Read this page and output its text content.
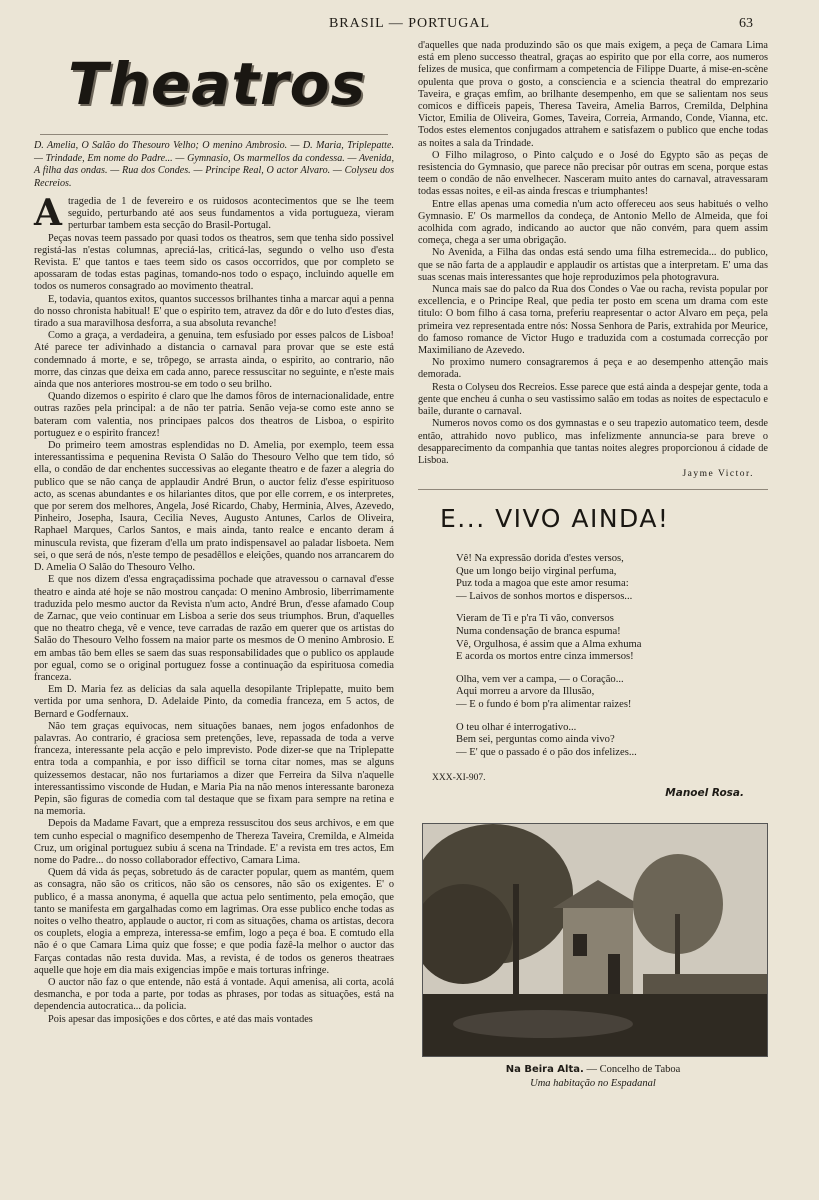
BRASIL — PORTUGAL	63
Theatros
D. Amelia, O Salão do Thesouro Velho; O menino Ambrosio. — D. Maria, Triplepatte. — Trindade, Em nome do Padre... — Gymnasio, Os marmellos da condessa. — Avenida, A filha das ondas. — Rua dos Condes. — Principe Real, O actor Alvaro. — Colyseu dos Recreios.

A tragedia de 1 de fevereiro e os ruidosos acontecimentos que se lhe teem seguido, perturbando até aos seus fundamentos a vida portugueza, vieram perturbar tambem esta secção do Brasil-Portugal.

Peças novas teem passado por quasi todos os theatros, sem que tenha sido possivel registá-las n'estas columnas, apreciá-las, criticá-las, segundo o velho uso d'esta Revista. E' que tantos e taes teem sido os casos occorridos, que por completo se apossaram de todas estas paginas, tomando-nos todo o espaço, incluindo aquelle em todos os numeros consagrado ao movimento theatral.

E, todavia, quantos exitos, quantos successos brilhantes tinha a marcar aqui a penna do nosso chronista habitual! E' que o espirito tem, atravez da dôr e do luto d'estes dias, tirado a sua maravilhosa desforra, a sua absoluta revanche!

Como a graça, a verdadeira, a genuina, tem esfusiado por esses palcos de Lisboa! Até parece ter adivinhado a distancia o carnaval para provar que se este está condemnado á morte, e se, trôpego, se arrasta ainda, o espirito, ao contrario, não morre, das cinzas que deixa em cada anno, parece ressuscitar no seguinte, e n'este mais ainda que nos anteriores mostrou-se em todo o seu brilho.

Quando dizemos o espirito é claro que lhe damos fôros de internacionalidade, entre outras razões pela principal: a de não ter patria. Senão veja-se como este anno se bateram com valentia, nos principaes palcos dos theatros de Lisboa, o espirito portuguez e o espirito francez!

Do primeiro teem amostras esplendidas no D. Amelia, por exemplo, teem essa interessantissima e pequenina Revista O Salão do Thesouro Velho que tem tido, só ella, o condão de dar enchentes successivas ao elegante theatro e de fazer a alegria do publico que se não cança de applaudir André Brun, o auctor feliz d'esse espirituoso acto, as scenas abundantes e os hilariantes ditos, que por elle correm, e os interpretes, que por serem dos melhores, Angela, José Ricardo, Chaby, Herminia, Alves, Azevedo, Pinheiro, Josepha, Isaura, Cecilia Neves, Augusto Antunes, Carlos de Oliveira, Raphael Marques, Carlos Santos, e mais ainda, tanto realce e encanto deram á minuscula revista, que fizeram d'ella um prato indispensavel ao paladar lisboeta. Nem sei, o que será de nós, n'este tempo de pesadêllos e eleições, quando nos arrancarem do D. Amelia O Salão do Thesouro Velho.

E que nos dizem d'essa engraçadissima pochade que atravessou o carnaval d'esse theatro e ainda até hoje se não mostrou cançada: O menino Ambrosio, liberrimamente traduzida pelo mesmo auctor da Revista n'um acto, André Brun, d'esse afamado Coup de Zarnac, que veio continuar em Lisboa a serie dos seus triumphos. Brun, d'aquelles que no theatro chega, vê e vence, teve carradas de razão em querer que os artistas do Salão do Thesouro Velho fossem na maior parte os mesmos de O menino Ambrosio. E em ambas tão bem elles se saem das suas responsabilidades que o publico os applaude por egual, como se o original portuguez fosse a continuação da espirituosa comedia franceza.

Em D. Maria fez as delicias da sala aquella desopilante Triplepatte, muito bem vertida por uma senhora, D. Adelaide Pinto, da comedia franceza, em 5 actos, de Bernard e Godfernaux.

Não tem graças equivocas, nem situações banaes, nem jogos enfadonhos de palavras. Ao contrario, é graciosa sem pretenções, leve, repassada de toda a verve franceza, interessante pela acção e pelo imprevisto. Pode dizer-se que na Triplepatte entra toda a companhia, e por isso difficil se torna citar nomes, mas se alguns quizessemos destacar, não nos furtariamos a dizer que Ferreira da Silva n'aquelle interessantissimo visconde de Hudan, e Maria Pia na não menos interessante baroneza Pepin, são figuras de comedia com tal destaque que se fixam para sempre na retina e na memoria.

Depois da Madame Favart, que a empreza ressuscitou dos seus archivos, e em que tem cunho especial o magnifico desempenho de Thereza Taveira, Cremilda, e Almeida Cruz, um original portuguez subiu á scena na Trindade. E' a revista em tres actos, Em nome do Padre... do nosso collaborador effectivo, Camara Lima.

Quem dá vida ás peças, sobretudo ás de caracter popular, quem as mantém, quem as consagra, não são os criticos, não são os censores, não são os exigentes. E' o publico, é a massa anonyma, é aquella que actua pelo sentimento, pela emoção, que tanto se manifesta em gargalhadas como em lagrimas. Ora esse publico enche todas as noites o velho theatro, applaude o auctor, ri com as situações, chama os artistas, decora os couplets, elogia a empreza, interessa-se emfim, logo a peça é boa. E comtudo ella não é o que Camara Lima quiz que fosse; e que podia fazê-la melhor o auctor das Farças contadas não resta duvida. Mas, a revista, é de todos os generos theatraes aquelle que hoje em dia mais exigencias impõe e mais torturas infringe.

O auctor não faz o que entende, não está á vontade. Aqui amenisa, ali corta, acolá desmancha, e por toda a parte, por todas as phrases, por todas as situações, está na dependencia autocratica... da policia.

Pois apesar das imposições e dos côrtes, e até das mais vontades

d'aquelles que nada produzindo são os que mais exigem, a peça de Camara Lima está em pleno successo theatral, graças ao espirito que por ella corre, aos numeros felizes de musica, que confirmam a competencia de Filippe Duarte, á mise-en-scène opulenta que prova o gosto, a consciencia e a sciencia theatral do emprezario Taveira, e graças emfim, ao brilhante desempenho, em que se salientam nos seus comicos e difficeis papeis, Theresa Taveira, Amelia Barros, Cremilda, Delphina Victor, Emilia de Oliveira, Gomes, Taveira, Correia, Armando, Conde, Vianna, etc. Todos estes elementos conjugados attrahem e satisfazem o publico que enche todas as noites a sala da Trindade.

O Filho milagroso, o Pinto calçudo e o José do Egypto são as peças de resistencia do Gymnasio, que parece não precisar pôr outras em scena, porque estas teem o condão de não envelhecer. Nasceram muito antes do carnaval, atravessaram todas essas noites, e eil-as ainda frescas e triumphantes!

Entre ellas apenas uma comedia n'um acto offereceu aos seus habitués o velho Gymnasio. E' Os marmellos da condeça, de Antonio Mello de Almeida, que foi acolhida com agrado, indicando ao auctor que não convém, para quem assim começa, chega a ser uma obrigação.

No Avenida, a Filha das ondas está sendo uma filha estremecida... do publico, que se não farta de a applaudir e applaudir os artistas que a interpretam. E' uma das suas scenas mais interessantes que hoje reproduzimos pela photogravura.

Nunca mais sae do palco da Rua dos Condes o Vae ou racha, revista popular por excellencia, e o Principe Real, que pedia ter posto em scena um drama com este titulo: O bom filho á casa torna, preferiu reapresentar o actor Alvaro em peça, pela primeira vez representada entre nós: Nossa Senhora de Paris, extrahida por Meurice, do famoso romance de Victor Hugo e traduzida com a costumada correcção por Maximiliano de Azevedo.

No proximo numero consagraremos á peça e ao desempenho attenção mais demorada.

Resta o Colyseu dos Recreios. Esse parece que está ainda a despejar gente, toda a gente que encheu á cunha o seu vastissimo salão em todas as noites de espectaculo e baile, durante o carnaval.

Numeros novos como os dos gymnastas e o seu trapezio automatico teem, desde então, attrahido novo publico, mas infelizmente annuncia-se para breve o desapparecimento da companhia que tantas noites alegres proporcionou á cidade de Lisboa.

Jayme Victor.
E... VIVO AINDA!
Vê! Na expressão dorida d'estes versos,
Que um longo beijo virginal perfuma,
Puz toda a magoa que este amor resuma:
— Laivos de sonhos mortos e dispersos...
Vieram de Ti e p'ra Ti vão, conversos
Numa condensação de branca espuma!
Vê, Orgulhosa, é assim que a Alma exhuma
E acorda os mortos entre cinza immersos!
Olha, vem ver a campa, — o Coração...
Aqui morreu a arvore da Illusão,
— E o fundo é bom p'ra alimentar raizes!
O teu olhar é interrogativo...
Bem sei, perguntas como ainda vivo?
— E' que o passado é o pão dos infelizes...
XXX-XI-907.
Manoel Rosa.
Na Beira Alta. — Concelho de Taboa
Uma habitação no Espadanal
